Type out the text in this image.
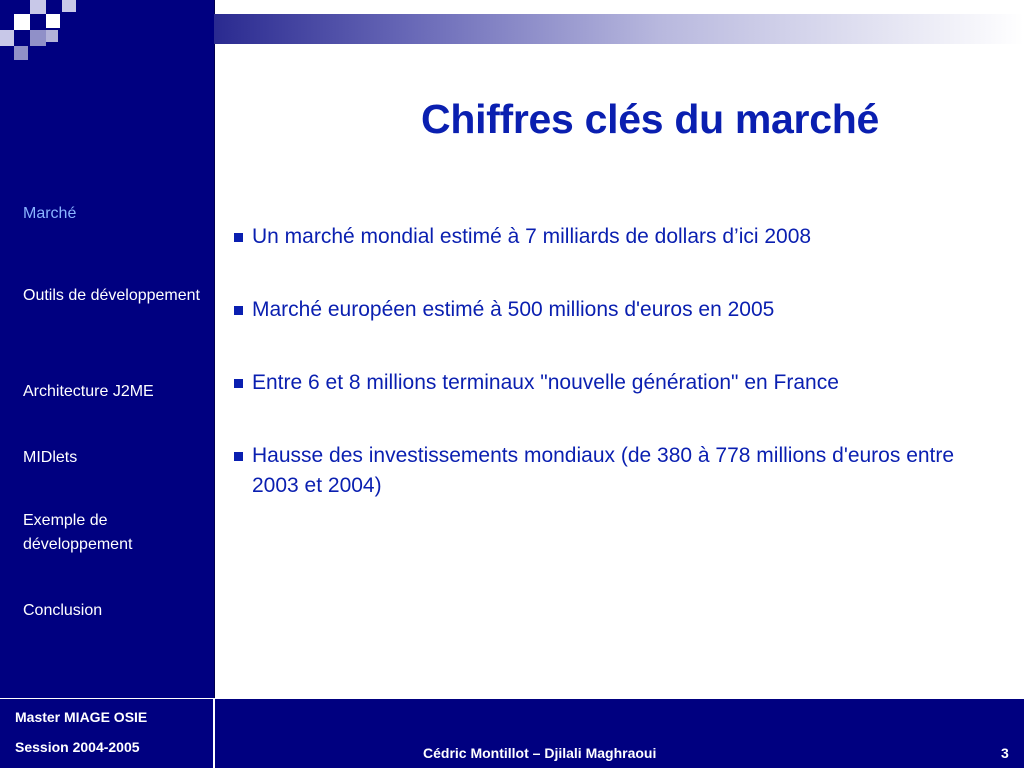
Marché
Outils de développement
Architecture J2ME
MIDlets
Exemple de développement
Conclusion
Chiffres clés du marché
Un marché mondial estimé à 7 milliards de dollars d’ici 2008
Marché européen estimé à 500 millions d'euros en 2005
Entre 6 et 8 millions terminaux "nouvelle génération" en France
Hausse des investissements mondiaux (de 380 à 778 millions d'euros entre 2003 et 2004)
Master MIAGE OSIE
Session 2004-2005	Cédric Montillot – Djilali Maghraoui	3
